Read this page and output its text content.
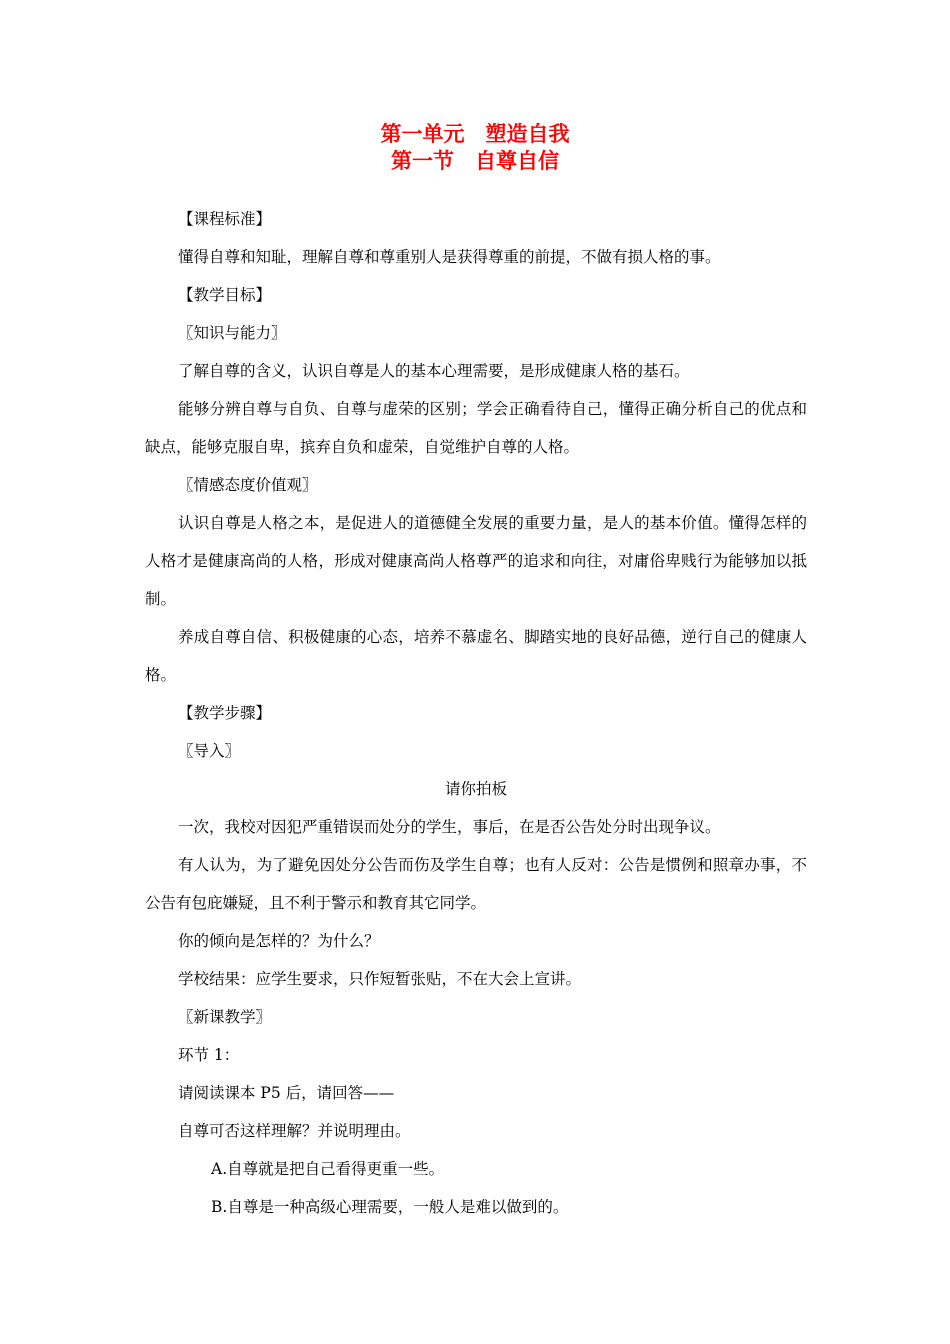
第一单元　塑造自我
第一节　自尊自信

【课程标准】

懂得自尊和知耻，理解自尊和尊重别人是获得尊重的前提，不做有损人格的事。

【教学目标】

〖知识与能力〗

了解自尊的含义，认识自尊是人的基本心理需要，是形成健康人格的基石。

能够分辨自尊与自负、自尊与虚荣的区别；学会正确看待自己，懂得正确分析自己的优点和缺点，能够克服自卑，摈弃自负和虚荣，自觉维护自尊的人格。

〖情感态度价值观〗

认识自尊是人格之本，是促进人的道德健全发展的重要力量，是人的基本价值。懂得怎样的人格才是健康高尚的人格，形成对健康高尚人格尊严的追求和向往，对庸俗卑贱行为能够加以抵制。

养成自尊自信、积极健康的心态，培养不慕虚名、脚踏实地的良好品德，逆行自己的健康人格。

【教学步骤】

〖导入〗

请你拍板

一次，我校对因犯严重错误而处分的学生，事后，在是否公告处分时出现争议。

有人认为，为了避免因处分公告而伤及学生自尊；也有人反对：公告是惯例和照章办事，不公告有包庇嫌疑，且不利于警示和教育其它同学。

你的倾向是怎样的？为什么？

学校结果：应学生要求，只作短暂张贴，不在大会上宣讲。

〖新课教学〗

环节 1：

请阅读课本 P5 后，请回答——

自尊可否这样理解？并说明理由。

A.自尊就是把自己看得更重一些。

B.自尊是一种高级心理需要，一般人是难以做到的。
